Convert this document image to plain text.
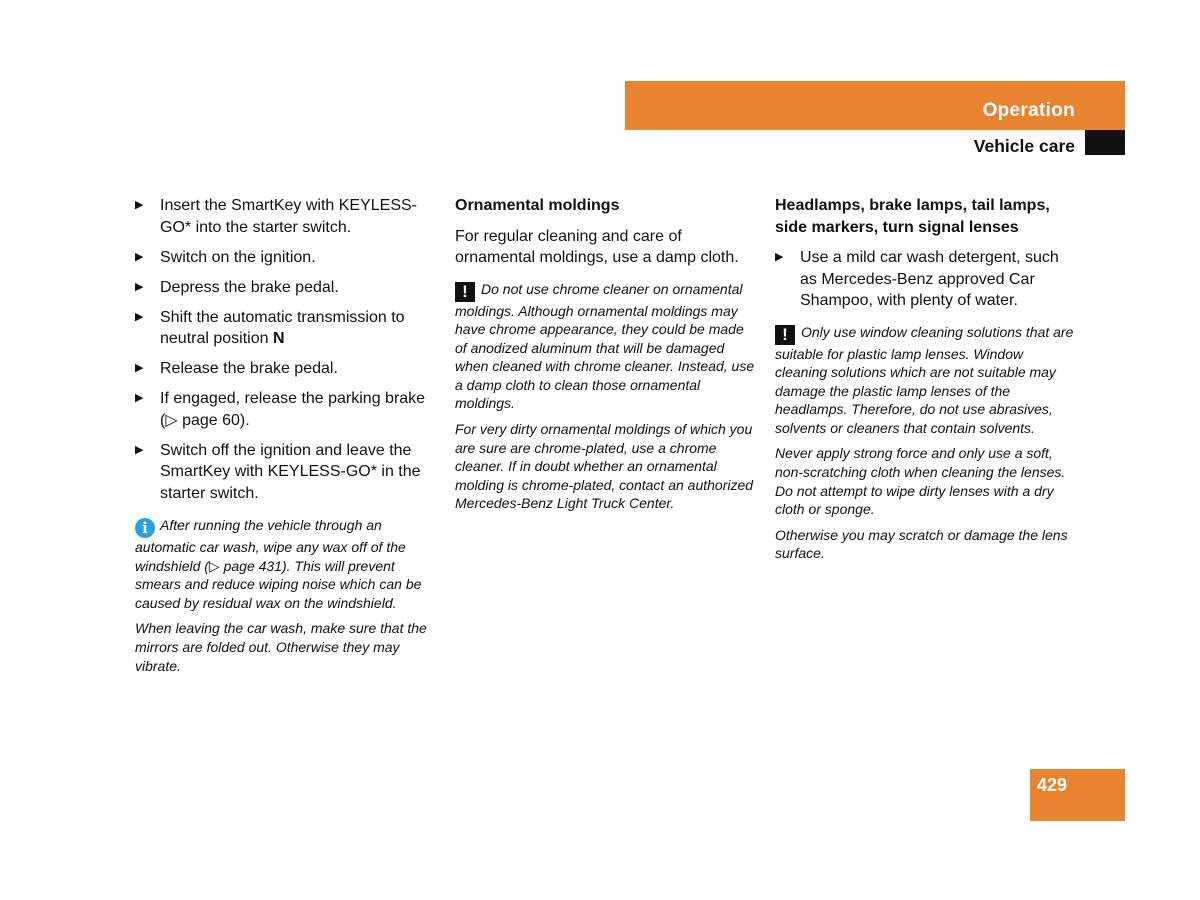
Operation
Vehicle care
▶ Insert the SmartKey with KEYLESS-GO* into the starter switch.
▶ Switch on the ignition.
▶ Depress the brake pedal.
▶ Shift the automatic transmission to neutral position N
▶ Release the brake pedal.
▶ If engaged, release the parking brake (▷ page 60).
▶ Switch off the ignition and leave the SmartKey with KEYLESS-GO* in the starter switch.

i After running the vehicle through an automatic car wash, wipe any wax off of the windshield (▷ page 431). This will prevent smears and reduce wiping noise which can be caused by residual wax on the windshield.

When leaving the car wash, make sure that the mirrors are folded out. Otherwise they may vibrate.

Ornamental moldings

For regular cleaning and care of ornamental moldings, use a damp cloth.

! Do not use chrome cleaner on ornamental moldings. Although ornamental moldings may have chrome appearance, they could be made of anodized aluminum that will be damaged when cleaned with chrome cleaner. Instead, use a damp cloth to clean those ornamental moldings.

For very dirty ornamental moldings of which you are sure are chrome-plated, use a chrome cleaner. If in doubt whether an ornamental molding is chrome-plated, contact an authorized Mercedes-Benz Light Truck Center.

Headlamps, brake lamps, tail lamps, side markers, turn signal lenses

▶ Use a mild car wash detergent, such as Mercedes-Benz approved Car Shampoo, with plenty of water.

! Only use window cleaning solutions that are suitable for plastic lamp lenses. Window cleaning solutions which are not suitable may damage the plastic lamp lenses of the headlamps. Therefore, do not use abrasives, solvents or cleaners that contain solvents.

Never apply strong force and only use a soft, non-scratching cloth when cleaning the lenses. Do not attempt to wipe dirty lenses with a dry cloth or sponge.

Otherwise you may scratch or damage the lens surface.

429
